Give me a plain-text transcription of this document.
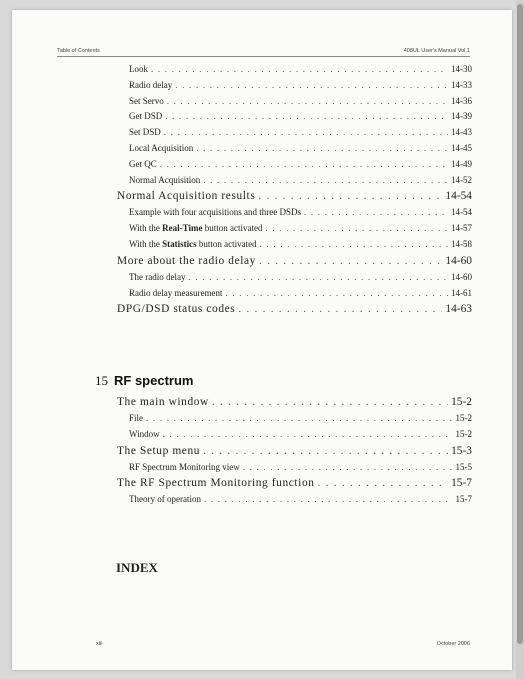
Table of Contents	408UL User's Manual Vol.1
Look . . .	14-30
Radio delay . . .	14-33
Set Servo . . .	14-36
Get DSD . . .	14-39
Set DSD . . .	14-43
Local Acquisition . . .	14-45
Get QC . . .	14-49
Normal Acquisition . . .	14-52
Normal Acquisition results . . .	14-54
Example with four acquisitions and three DSDs . . .	14-54
With the Real-Time button activated . . .	14-57
With the Statistics button activated . . .	14-58
More about the radio delay . . .	14-60
The radio delay . . .	14-60
Radio delay measurement . . .	14-61
DPG/DSD status codes . . .	14-63
15 RF spectrum
The main window . . .	15-2
File . . .	15-2
Window . . .	15-2
The Setup menu . . .	15-3
RF Spectrum Monitoring view . . .	15-5
The RF Spectrum Monitoring function . . .	15-7
Theory of operation . . .	15-7
INDEX
xiii	October 2006
